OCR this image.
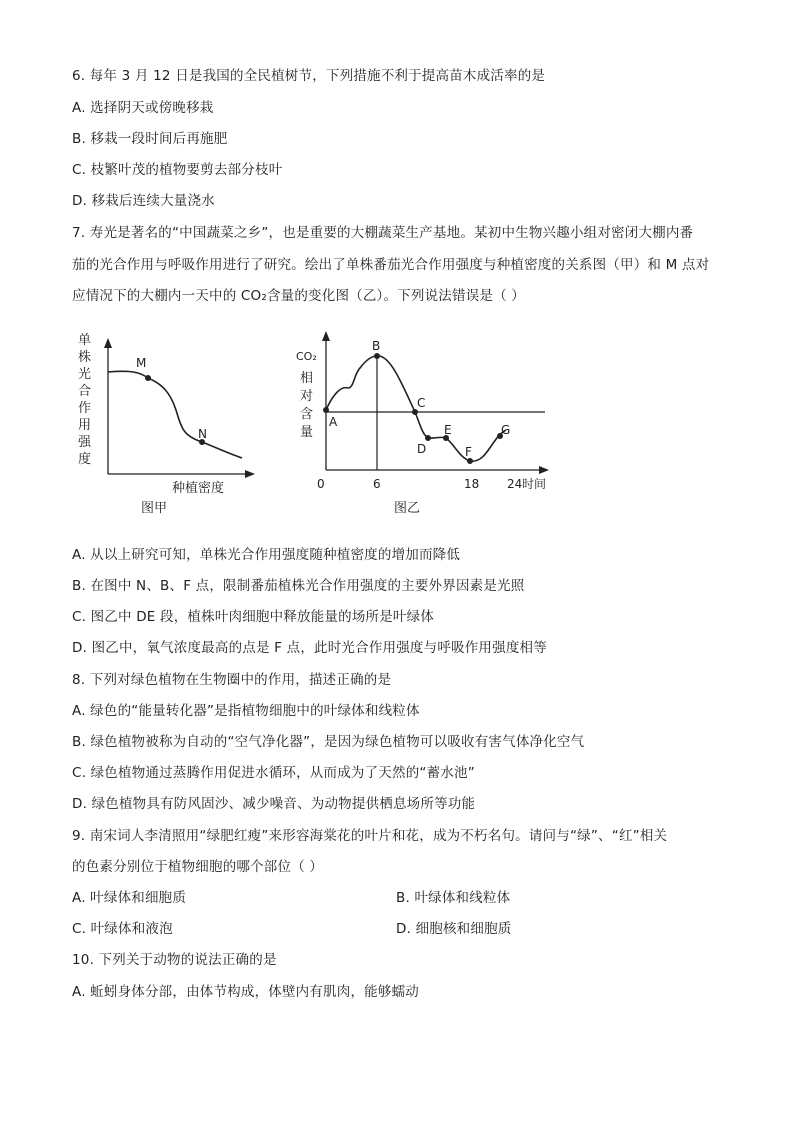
6. 每年 3 月 12 日是我国的全民植树节，下列措施不利于提高苗木成活率的是
A. 选择阴天或傍晚移栽
B. 移栽一段时间后再施肥
C. 枝繁叶茂的植物要剪去部分枝叶
D. 移栽后连续大量浇水
7. 寿光是著名的“中国蔬菜之乡”，也是重要的大棚蔬菜生产基地。某初中生物兴趣小组对密闭大棚内番
茄的光合作用与呼吸作用进行了研究。绘出了单株番茄光合作用强度与种植密度的关系图（甲）和 M 点对
应情况下的大棚内一天中的 CO₂含量的变化图（乙）。下列说法错误是（ ）
单
株
光
合
作
用
强
度
M
N
种植密度
图甲
CO₂
相
对
含
量
A
B
C
D
E
F
G
0	6	18 24 时间
图乙
A. 从以上研究可知，单株光合作用强度随种植密度的增加而降低
B. 在图中 N、B、F 点，限制番茄植株光合作用强度的主要外界因素是光照
C. 图乙中 DE 段，植株叶肉细胞中释放能量的场所是叶绿体
D. 图乙中，氧气浓度最高的点是 F 点，此时光合作用强度与呼吸作用强度相等
8. 下列对绿色植物在生物圈中的作用，描述正确的是
A. 绿色的“能量转化器”是指植物细胞中的叶绿体和线粒体
B. 绿色植物被称为自动的“空气净化器”，是因为绿色植物可以吸收有害气体净化空气
C. 绿色植物通过蒸腾作用促进水循环，从而成为了天然的“蓄水池”
D. 绿色植物具有防风固沙、减少噪音、为动物提供栖息场所等功能
9. 南宋词人李清照用“绿肥红瘦”来形容海棠花的叶片和花，成为不朽名句。请问与“绿”、“红”相关
的色素分别位于植物细胞的哪个部位（ ）
A. 叶绿体和细胞质	B. 叶绿体和线粒体
C. 叶绿体和液泡	D. 细胞核和细胞质
10. 下列关于动物的说法正确的是
A. 蚯蚓身体分部，由体节构成，体壁内有肌肉，能够蠕动
